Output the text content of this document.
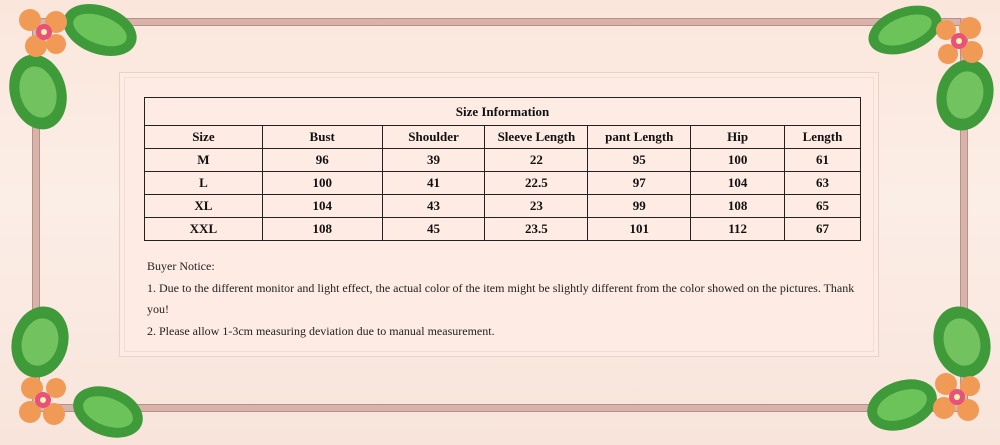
Size Information						
Size	Bust	Shoulder	Sleeve Length	pant Length	Hip	Length
M	96	39	22	95	100	61
L	100	41	22.5	97	104	63
XL	104	43	23	99	108	65
XXL	108	45	23.5	101	112	67

Buyer Notice:

1. Due to the different monitor and light effect, the actual color of the item might be slightly different from the color showed on the pictures. Thank you!

2. Please allow 1-3cm measuring deviation due to manual measurement.
